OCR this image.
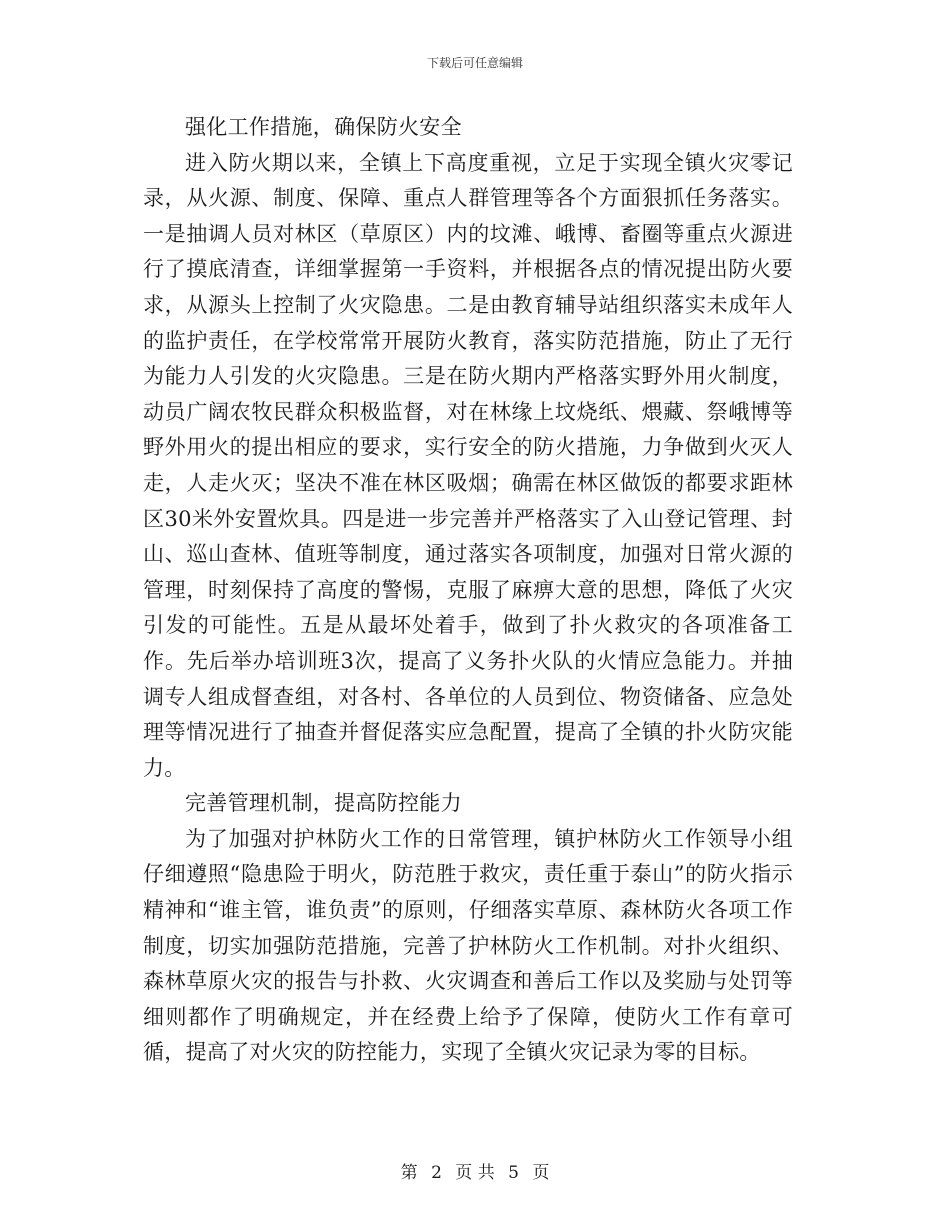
下载后可任意编辑

强化工作措施，确保防火安全

进入防火期以来，全镇上下高度重视，立足于实现全镇火灾零记录，从火源、制度、保障、重点人群管理等各个方面狠抓任务落实。一是抽调人员对林区（草原区）内的坟滩、峨博、畜圈等重点火源进行了摸底清查，详细掌握第一手资料，并根据各点的情况提出防火要求，从源头上控制了火灾隐患。二是由教育辅导站组织落实未成年人的监护责任，在学校常常开展防火教育，落实防范措施，防止了无行为能力人引发的火灾隐患。三是在防火期内严格落实野外用火制度，动员广阔农牧民群众积极监督，对在林缘上坟烧纸、煨藏、祭峨博等野外用火的提出相应的要求，实行安全的防火措施，力争做到火灭人走，人走火灭；坚决不准在林区吸烟；确需在林区做饭的都要求距林区30米外安置炊具。四是进一步完善并严格落实了入山登记管理、封山、巡山查林、值班等制度，通过落实各项制度，加强对日常火源的管理，时刻保持了高度的警惕，克服了麻痹大意的思想，降低了火灾引发的可能性。五是从最坏处着手，做到了扑火救灾的各项准备工作。先后举办培训班3次，提高了义务扑火队的火情应急能力。并抽调专人组成督查组，对各村、各单位的人员到位、物资储备、应急处理等情况进行了抽查并督促落实应急配置，提高了全镇的扑火防灾能力。

完善管理机制，提高防控能力

为了加强对护林防火工作的日常管理，镇护林防火工作领导小组仔细遵照“隐患险于明火，防范胜于救灾，责任重于泰山”的防火指示精神和“谁主管，谁负责”的原则，仔细落实草原、森林防火各项工作制度，切实加强防范措施，完善了护林防火工作机制。对扑火组织、森林草原火灾的报告与扑救、火灾调查和善后工作以及奖励与处罚等细则都作了明确规定，并在经费上给予了保障，使防火工作有章可循，提高了对火灾的防控能力，实现了全镇火灾记录为零的目标。

第 2 页 共 5 页
